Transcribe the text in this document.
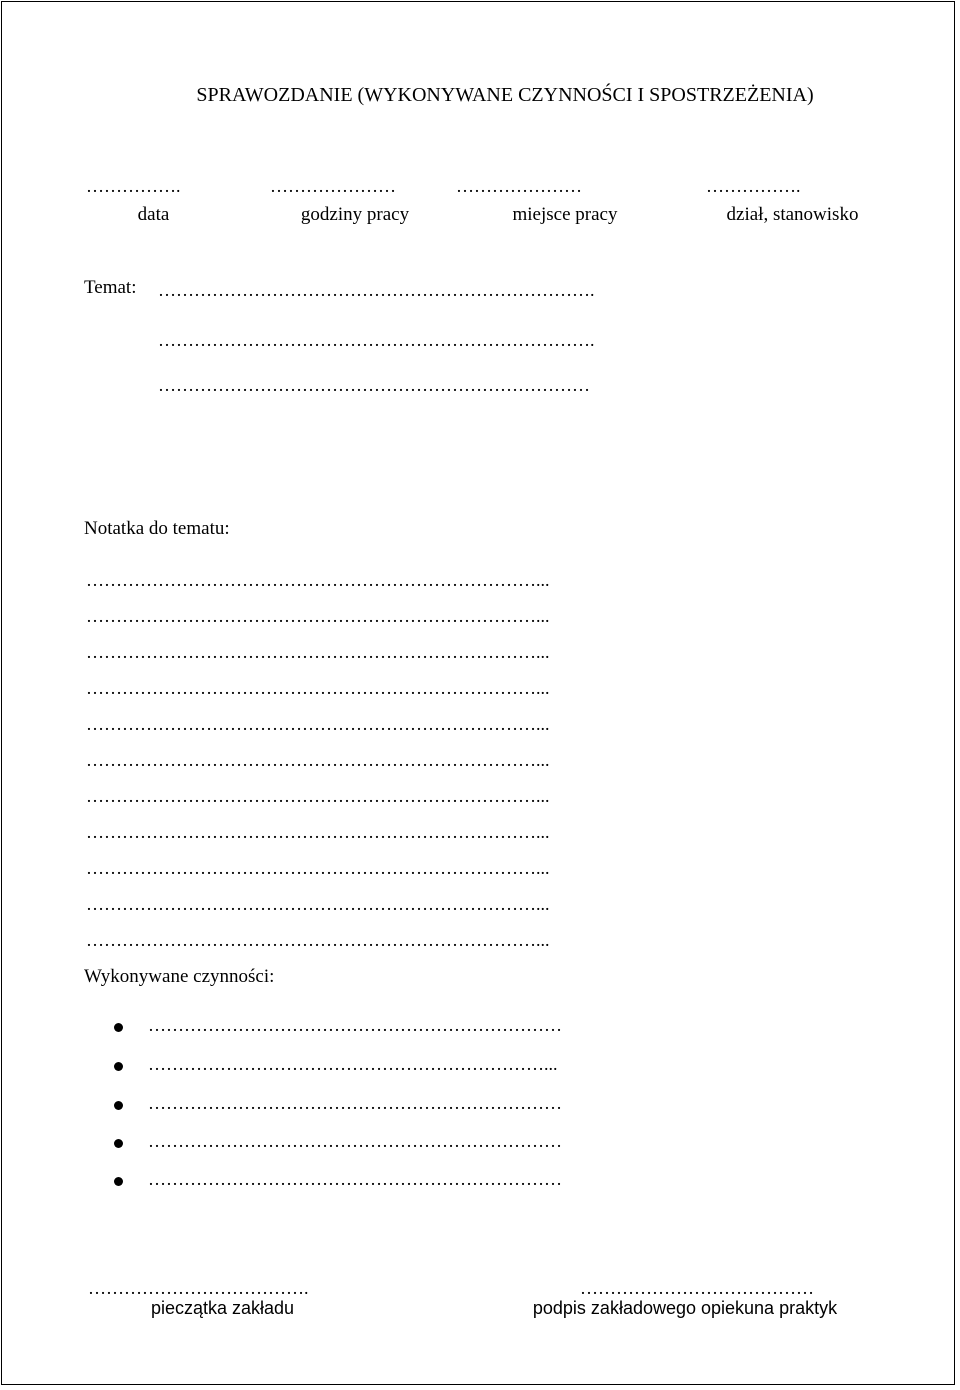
SPRAWOZDANIE (WYKONYWANE CZYNNOŚCI I SPOSTRZEŻENIA)
…………….	…………………	…………………	…………….
data	godziny pracy	miejsce pracy	dział, stanowisko
Temat: ……………………………………………………………….
……………………………………………………………….
………………………………………………………………
Notatka do tematu:
…………………………………………………………………...
…………………………………………………………………...
…………………………………………………………………...
…………………………………………………………………...
…………………………………………………………………...
…………………………………………………………………...
…………………………………………………………………...
…………………………………………………………………...
…………………………………………………………………...
…………………………………………………………………...
…………………………………………………………………...
Wykonywane czynności:
……………………………………………………………
…………………………………………………………...
……………………………………………………………
……………………………………………………………
……………………………………………………………
……………………………….
pieczątka zakładu
…………………………………
podpis zakładowego opiekuna praktyk
